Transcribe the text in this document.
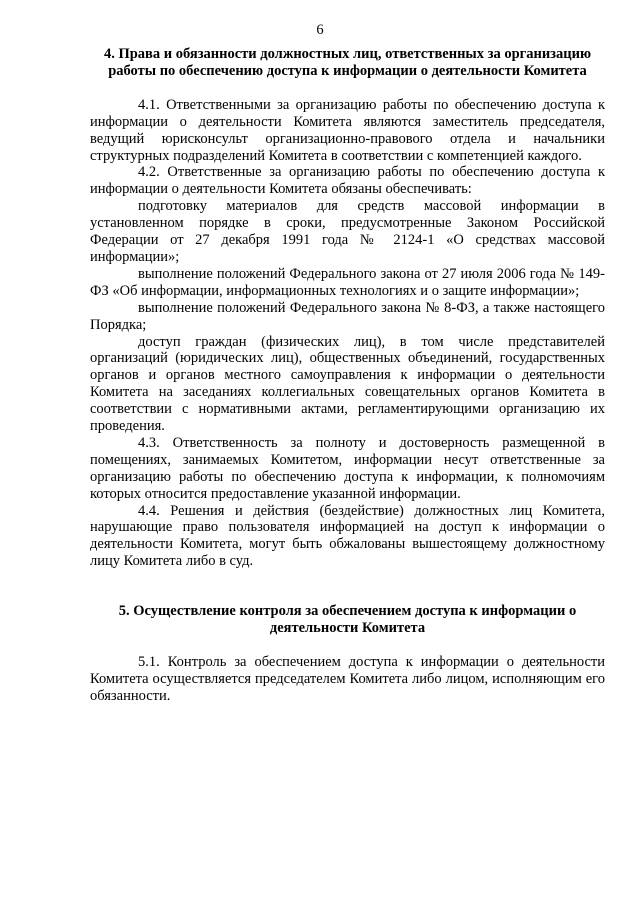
6
4. Права и обязанности должностных лиц, ответственных за организацию работы по обеспечению доступа к информации о деятельности Комитета

4.1. Ответственными за организацию работы по обеспечению доступа к информации о деятельности Комитета являются заместитель председателя, ведущий юрисконсульт организационно-правового отдела и начальники структурных подразделений Комитета в соответствии с компетенцией каждого.

4.2. Ответственные за организацию работы по обеспечению доступа к информации о деятельности Комитета обязаны обеспечивать:

подготовку материалов для средств массовой информации в установленном порядке в сроки, предусмотренные Законом Российской Федерации от 27 декабря 1991 года № 2124-1 «О средствах массовой информации»;

выполнение положений Федерального закона от 27 июля 2006 года № 149-ФЗ «Об информации, информационных технологиях и о защите информации»;

выполнение положений Федерального закона № 8-ФЗ, а также настоящего Порядка;

доступ граждан (физических лиц), в том числе представителей организаций (юридических лиц), общественных объединений, государственных органов и органов местного самоуправления к информации о деятельности Комитета на заседаниях коллегиальных совещательных органов Комитета в соответствии с нормативными актами, регламентирующими организацию их проведения.

4.3. Ответственность за полноту и достоверность размещенной в помещениях, занимаемых Комитетом, информации несут ответственные за организацию работы по обеспечению доступа к информации, к полномочиям которых относится предоставление указанной информации.

4.4. Решения и действия (бездействие) должностных лиц Комитета, нарушающие право пользователя информацией на доступ к информации о деятельности Комитета, могут быть обжалованы вышестоящему должностному лицу Комитета либо в суд.

5. Осуществление контроля за обеспечением доступа к информации о деятельности Комитета

5.1. Контроль за обеспечением доступа к информации о деятельности Комитета осуществляется председателем Комитета либо лицом, исполняющим его обязанности.
